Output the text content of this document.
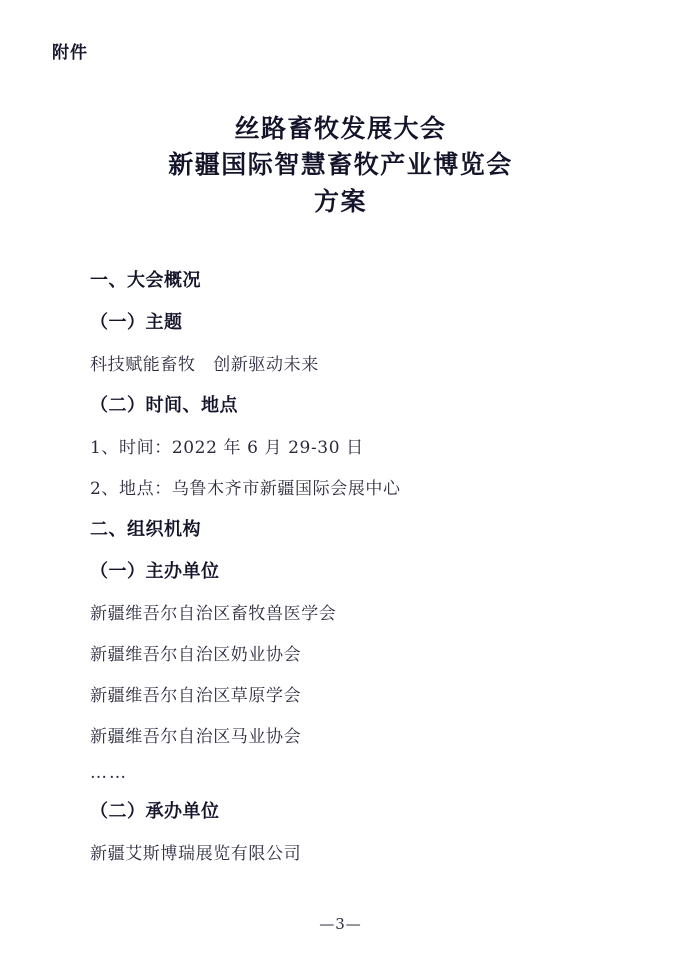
附件
丝路畜牧发展大会
新疆国际智慧畜牧产业博览会
方案
一、大会概况
（一）主题
科技赋能畜牧　创新驱动未来
（二）时间、地点
1、时间：2022 年 6 月 29-30 日
2、地点：乌鲁木齐市新疆国际会展中心
二、组织机构
（一）主办单位
新疆维吾尔自治区畜牧兽医学会
新疆维吾尔自治区奶业协会
新疆维吾尔自治区草原学会
新疆维吾尔自治区马业协会
……
（二）承办单位
新疆艾斯博瑞展览有限公司
—3—
